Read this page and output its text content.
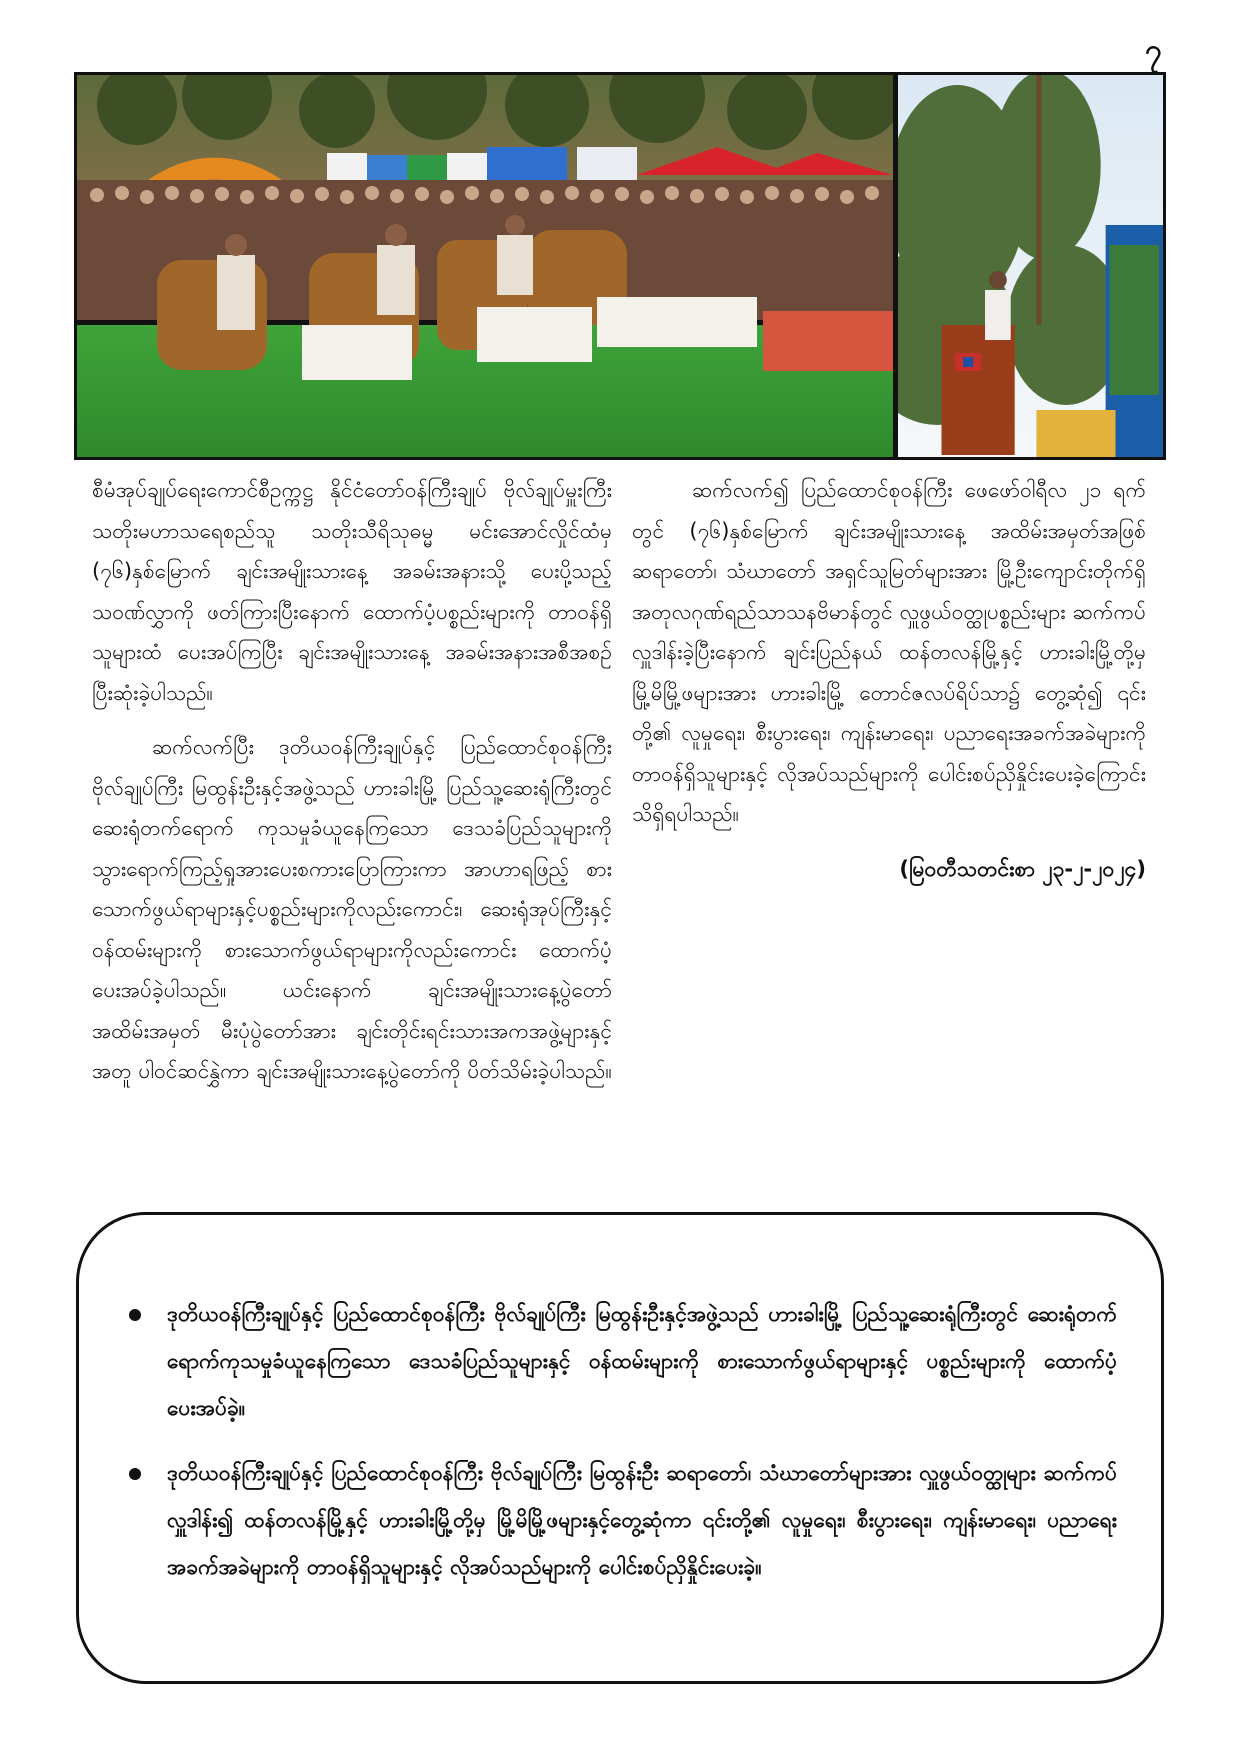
၇

စီမံအုပ်ချုပ်ရေးကောင်စီဥက္ကဋ္ဌ နိုင်ငံတော်ဝန်ကြီးချုပ် ဗိုလ်ချုပ်မှူးကြီး သတိုးမဟာသရေစည်သူ သတိုးသီရိသုဓမ္မ မင်းအောင်လှိုင်ထံမှ (၇၆)နှစ်မြောက် ချင်းအမျိုးသားနေ့ အခမ်းအနားသို့ ပေးပို့သည့် သဝဏ်လွှာကို ဖတ်ကြားပြီးနောက် ထောက်ပံ့ပစ္စည်းများကို တာဝန်ရှိသူများထံ ပေးအပ်ကြပြီး ချင်းအမျိုးသားနေ့ အခမ်းအနားအစီအစဉ် ပြီးဆုံးခဲ့ပါသည်။

ဆက်လက်ပြီး ဒုတိယဝန်ကြီးချုပ်နှင့် ပြည်ထောင်စုဝန်ကြီး ဗိုလ်ချုပ်ကြီး မြထွန်းဦးနှင့်အဖွဲ့သည် ဟားခါးမြို့ ပြည်သူ့ဆေးရုံကြီးတွင် ဆေးရုံတက်ရောက် ကုသမှုခံယူနေကြသော ဒေသခံပြည်သူများကို သွားရောက်ကြည့်ရှုအားပေးစကားပြောကြားကာ အာဟာရဖြည့် စားသောက်ဖွယ်ရာများနှင့်ပစ္စည်းများကိုလည်းကောင်း၊ ဆေးရုံအုပ်ကြီးနှင့် ဝန်ထမ်းများကို စားသောက်ဖွယ်ရာများကိုလည်းကောင်း ထောက်ပံ့ပေးအပ်ခဲ့ပါသည်။ ယင်းနောက် ချင်းအမျိုးသားနေ့ပွဲတော်အထိမ်းအမှတ် မီးပုံပွဲတော်အား ချင်းတိုင်းရင်းသားအကအဖွဲ့များနှင့်အတူ ပါဝင်ဆင်နွှဲကာ ချင်းအမျိုးသားနေ့ပွဲတော်ကို ပိတ်သိမ်းခဲ့ပါသည်။

ဆက်လက်၍ ပြည်ထောင်စုဝန်ကြီး ဖေဖော်ဝါရီလ ၂၁ ရက်တွင် (၇၆)နှစ်မြောက် ချင်းအမျိုးသားနေ့ အထိမ်းအမှတ်အဖြစ် ဆရာတော်၊ သံဃာတော် အရှင်သူမြတ်များအား မြို့ဦးကျောင်းတိုက်ရှိ အတုလဂုဏ်ရည်သာသနဗိမာန်တွင် လှူဖွယ်ဝတ္ထုပစ္စည်းများ ဆက်ကပ်လှူဒါန်းခဲ့ပြီးနောက် ချင်းပြည်နယ် ထန်တလန်မြို့နှင့် ဟားခါးမြို့တို့မှ မြို့မိမြို့ဖများအား ဟားခါးမြို့ တောင်ဇလပ်ရိပ်သာ၌ တွေ့ဆုံ၍ ၎င်းတို့၏ လူမှုရေး၊ စီးပွားရေး၊ ကျန်းမာရေး၊ ပညာရေးအခက်အခဲများကို တာဝန်ရှိသူများနှင့် လိုအပ်သည်များကို ပေါင်းစပ်ညှိနှိုင်းပေးခဲ့ကြောင်းသိရှိရပါသည်။

(မြဝတီသတင်းစာ ၂၃-၂-၂၀၂၄)
ဒုတိယဝန်ကြီးချုပ်နှင့် ပြည်ထောင်စုဝန်ကြီး ဗိုလ်ချုပ်ကြီး မြထွန်းဦးနှင့်အဖွဲ့သည် ဟားခါးမြို့ ပြည်သူ့ဆေးရုံကြီးတွင် ဆေးရုံတက်ရောက်ကုသမှုခံယူနေကြသော ဒေသခံပြည်သူများနှင့် ဝန်ထမ်းများကို စားသောက်ဖွယ်ရာများနှင့် ပစ္စည်းများကို ထောက်ပံ့ပေးအပ်ခဲ့။
ဒုတိယဝန်ကြီးချုပ်နှင့် ပြည်ထောင်စုဝန်ကြီး ဗိုလ်ချုပ်ကြီး မြထွန်းဦး ဆရာတော်၊ သံဃာတော်များအား လှူဖွယ်ဝတ္ထုများ ဆက်ကပ်လှူဒါန်း၍ ထန်တလန်မြို့နှင့် ဟားခါးမြို့တို့မှ မြို့မိမြို့ဖများနှင့်တွေ့ဆုံကာ ၎င်းတို့၏ လူမှုရေး၊ စီးပွားရေး၊ ကျန်းမာရေး၊ ပညာရေးအခက်အခဲများကို တာဝန်ရှိသူများနှင့် လိုအပ်သည်များကို ပေါင်းစပ်ညှိနှိုင်းပေးခဲ့။
